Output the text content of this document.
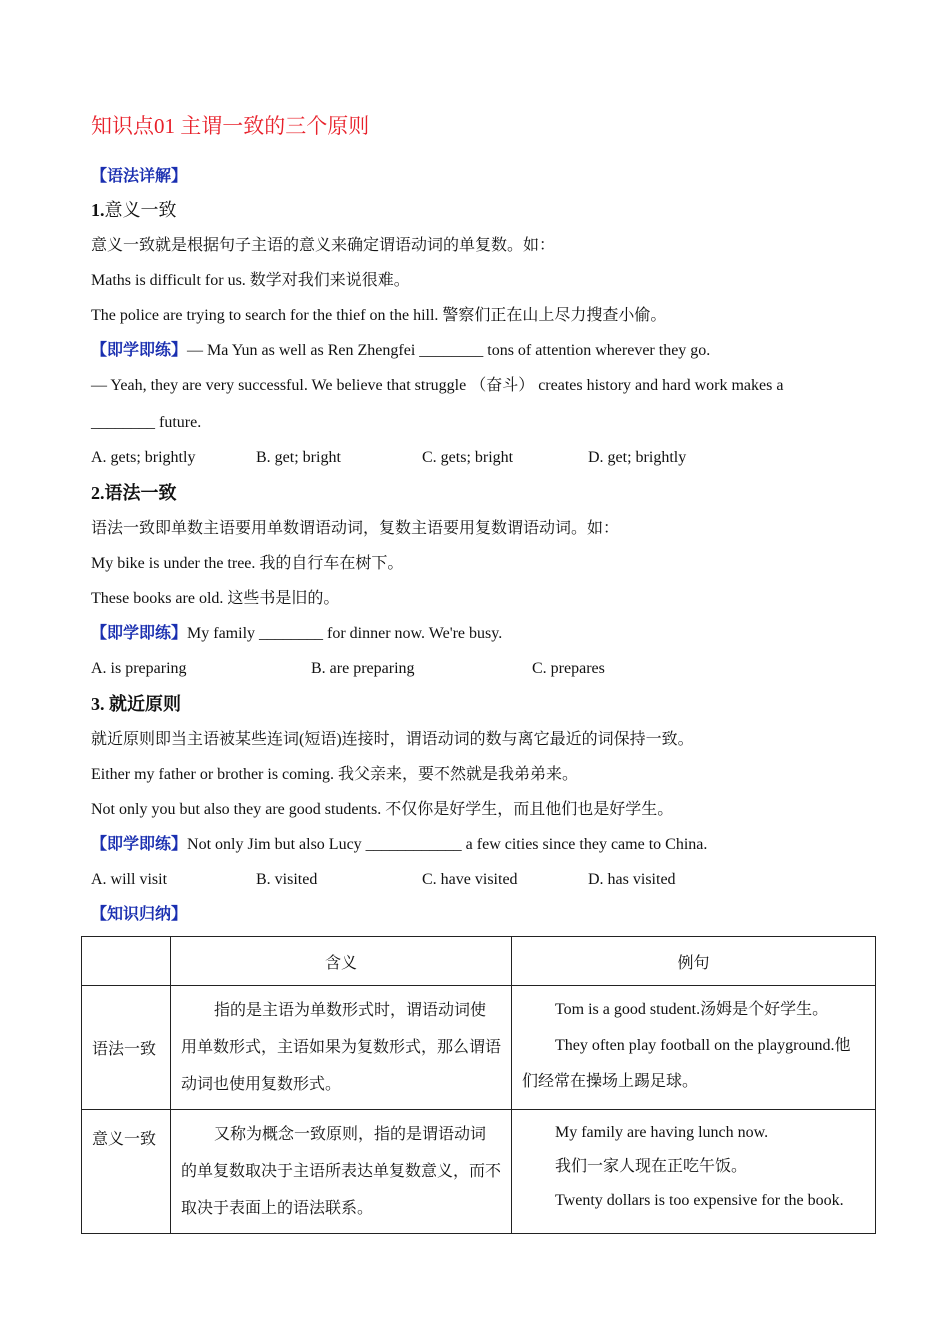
知识点01 主谓一致的三个原则
【语法详解】
1.意义一致
意义一致就是根据句子主语的意义来确定谓语动词的单复数。如：
Maths is difficult for us. 数学对我们来说很难。
The police are trying to search for the thief on the hill. 警察们正在山上尽力搜查小偷。
【即学即练】— Ma Yun as well as Ren Zhengfei ________ tons of attention wherever they go.
— Yeah, they are very successful. We believe that struggle （奋斗） creates history and hard work makes a
________ future.
A. gets; brightly	B. get; bright	C. gets; bright	D. get; brightly
2.语法一致
语法一致即单数主语要用单数谓语动词，复数主语要用复数谓语动词。如：
My bike is under the tree. 我的自行车在树下。
These books are old. 这些书是旧的。
【即学即练】My family ________ for dinner now. We're busy.
A. is preparing	B. are preparing	C. prepares
3. 就近原则
就近原则即当主语被某些连词(短语)连接时，谓语动词的数与离它最近的词保持一致。
Either my father or brother is coming. 我父亲来，要不然就是我弟弟来。
Not only you but also they are good students. 不仅你是好学生，而且他们也是好学生。
【即学即练】Not only Jim but also Lucy ____________ a few cities since they came to China.
A. will visit	B. visited	C. have visited	D. has visited
【知识归纳】
	含义	例句
语法一致	指的是主语为单数形式时，谓语动词使用单数形式，主语如果为复数形式，那么谓语动词也使用复数形式。	Tom is a good student.汤姆是个好学生。
They often play football on the playground.他们经常在操场上踢足球。

意义一致	又称为概念一致原则，指的是谓语动词的单复数取决于主语所表达单复数意义，而不取决于表面上的语法联系。	My family are having lunch now.
我们一家人现在正吃午饭。
Twenty dollars is too expensive for the book.
